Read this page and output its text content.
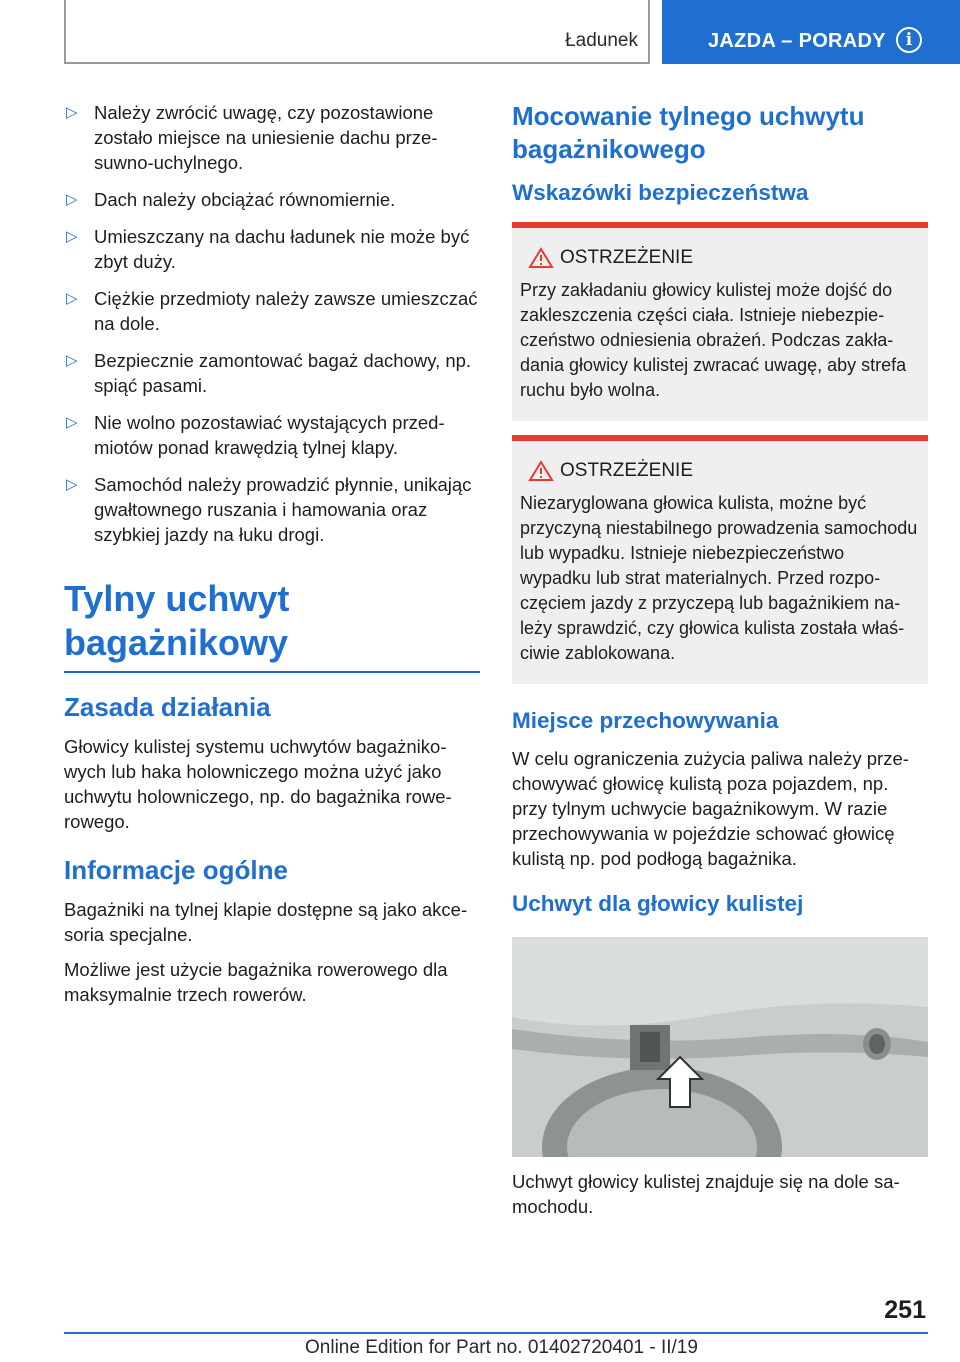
Ładunek	JAZDA – PORADY	i
▷ Należy zwrócić uwagę, czy pozostawione zostało miejsce na uniesienie dachu przesuwno-uchylnego.
▷ Dach należy obciążać równomiernie.
▷ Umieszczany na dachu ładunek nie może być zbyt duży.
▷ Ciężkie przedmioty należy zawsze umieszczać na dole.
▷ Bezpiecznie zamontować bagaż dachowy, np. spiąć pasami.
▷ Nie wolno pozostawiać wystających przedmiotów ponad krawędzią tylnej klapy.
▷ Samochód należy prowadzić płynnie, unikając gwałtownego ruszania i hamowania oraz szybkiej jazdy na łuku drogi.
Tylny uchwyt bagażnikowy
Zasada działania

Głowicy kulistej systemu uchwytów bagażnikowych lub haka holowniczego można użyć jako uchwytu holowniczego, np. do bagażnika rowerowego.

Informacje ogólne

Bagażniki na tylnej klapie dostępne są jako akcesoria specjalne.

Możliwe jest użycie bagażnika rowerowego dla maksymalnie trzech rowerów.

Mocowanie tylnego uchwytu bagażnikowego
Wskazówki bezpieczeństwa
OSTRZEŻENIE

Przy zakładaniu głowicy kulistej może dojść do zakleszczenia części ciała. Istnieje niebezpieczeństwo odniesienia obrażeń. Podczas zakładania głowicy kulistej zwracać uwagę, aby strefa ruchu było wolna.

OSTRZEŻENIE

Niezaryglowana głowica kulista, możne być przyczyną niestabilnego prowadzenia samochodu lub wypadku. Istnieje niebezpieczeństwo wypadku lub strat materialnych. Przed rozpoczęciem jazdy z przyczepą lub bagażnikiem należy sprawdzić, czy głowica kulista została właściwie zablokowana.

Miejsce przechowywania

W celu ograniczenia zużycia paliwa należy przechowywać głowicę kulistą poza pojazdem, np. przy tylnym uchwycie bagażnikowym. W razie przechowywania w pojeździe schować głowicę kulistą np. pod podłogą bagażnika.

Uchwyt dla głowicy kulistej

Uchwyt głowicy kulistej znajduje się na dole samochodu.

251
Online Edition for Part no. 01402720401 - II/19
